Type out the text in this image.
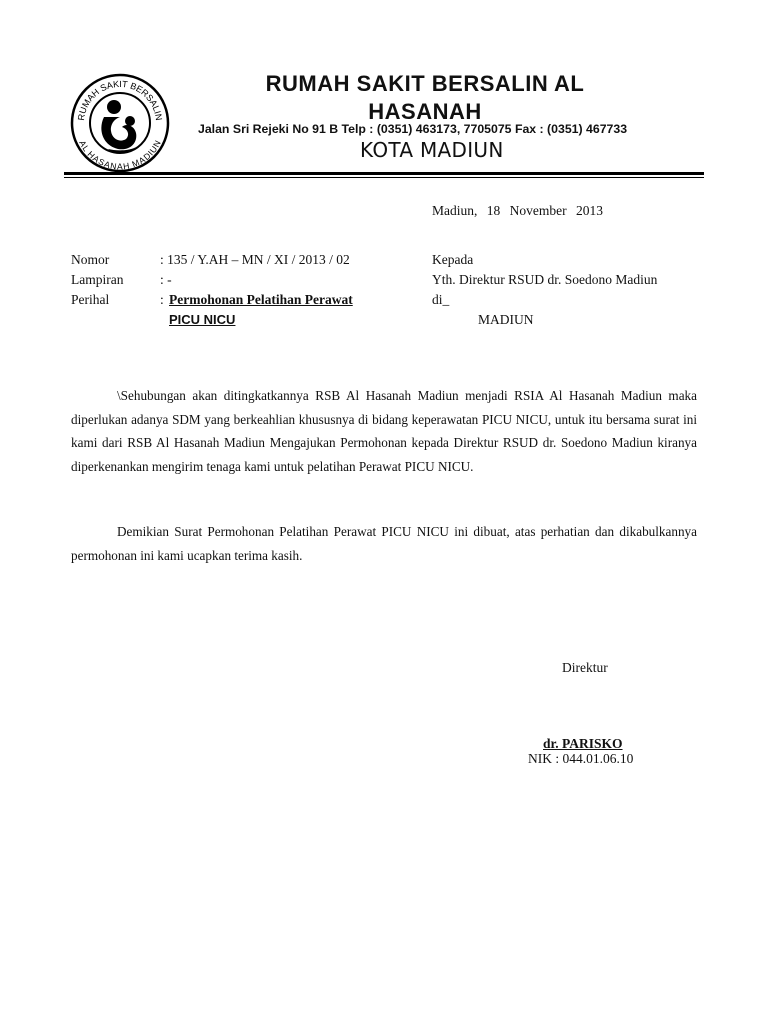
RUMAH SAKIT BERSALIN
AL HASANAH MADIUN
RUMAH SAKIT BERSALIN AL
HASANAH
Jalan Sri Rejeki No 91 B Telp : (0351) 463173, 7705075 Fax : (0351) 467733
KOTA MADIUN
Madiun, 18 November 2013
Nomor	: 135 / Y.AH – MN / XI / 2013 / 02
Lampiran	: -
Perihal	: Permohonan Pelatihan Perawat
PICU NICU
Kepada
Yth. Direktur RSUD dr. Soedono Madiun
di_
MADIUN
\Sehubungan akan ditingkatkannya RSB Al Hasanah Madiun menjadi RSIA Al Hasanah Madiun maka diperlukan adanya SDM yang berkeahlian khususnya di bidang keperawatan PICU NICU, untuk itu bersama surat ini kami dari RSB Al Hasanah Madiun Mengajukan Permohonan kepada Direktur RSUD dr. Soedono Madiun kiranya diperkenankan mengirim tenaga kami untuk pelatihan Perawat PICU NICU.
Demikian Surat Permohonan Pelatihan Perawat PICU NICU ini dibuat, atas perhatian dan dikabulkannya permohonan ini kami ucapkan terima kasih.
Direktur
dr. PARISKO
NIK : 044.01.06.10
